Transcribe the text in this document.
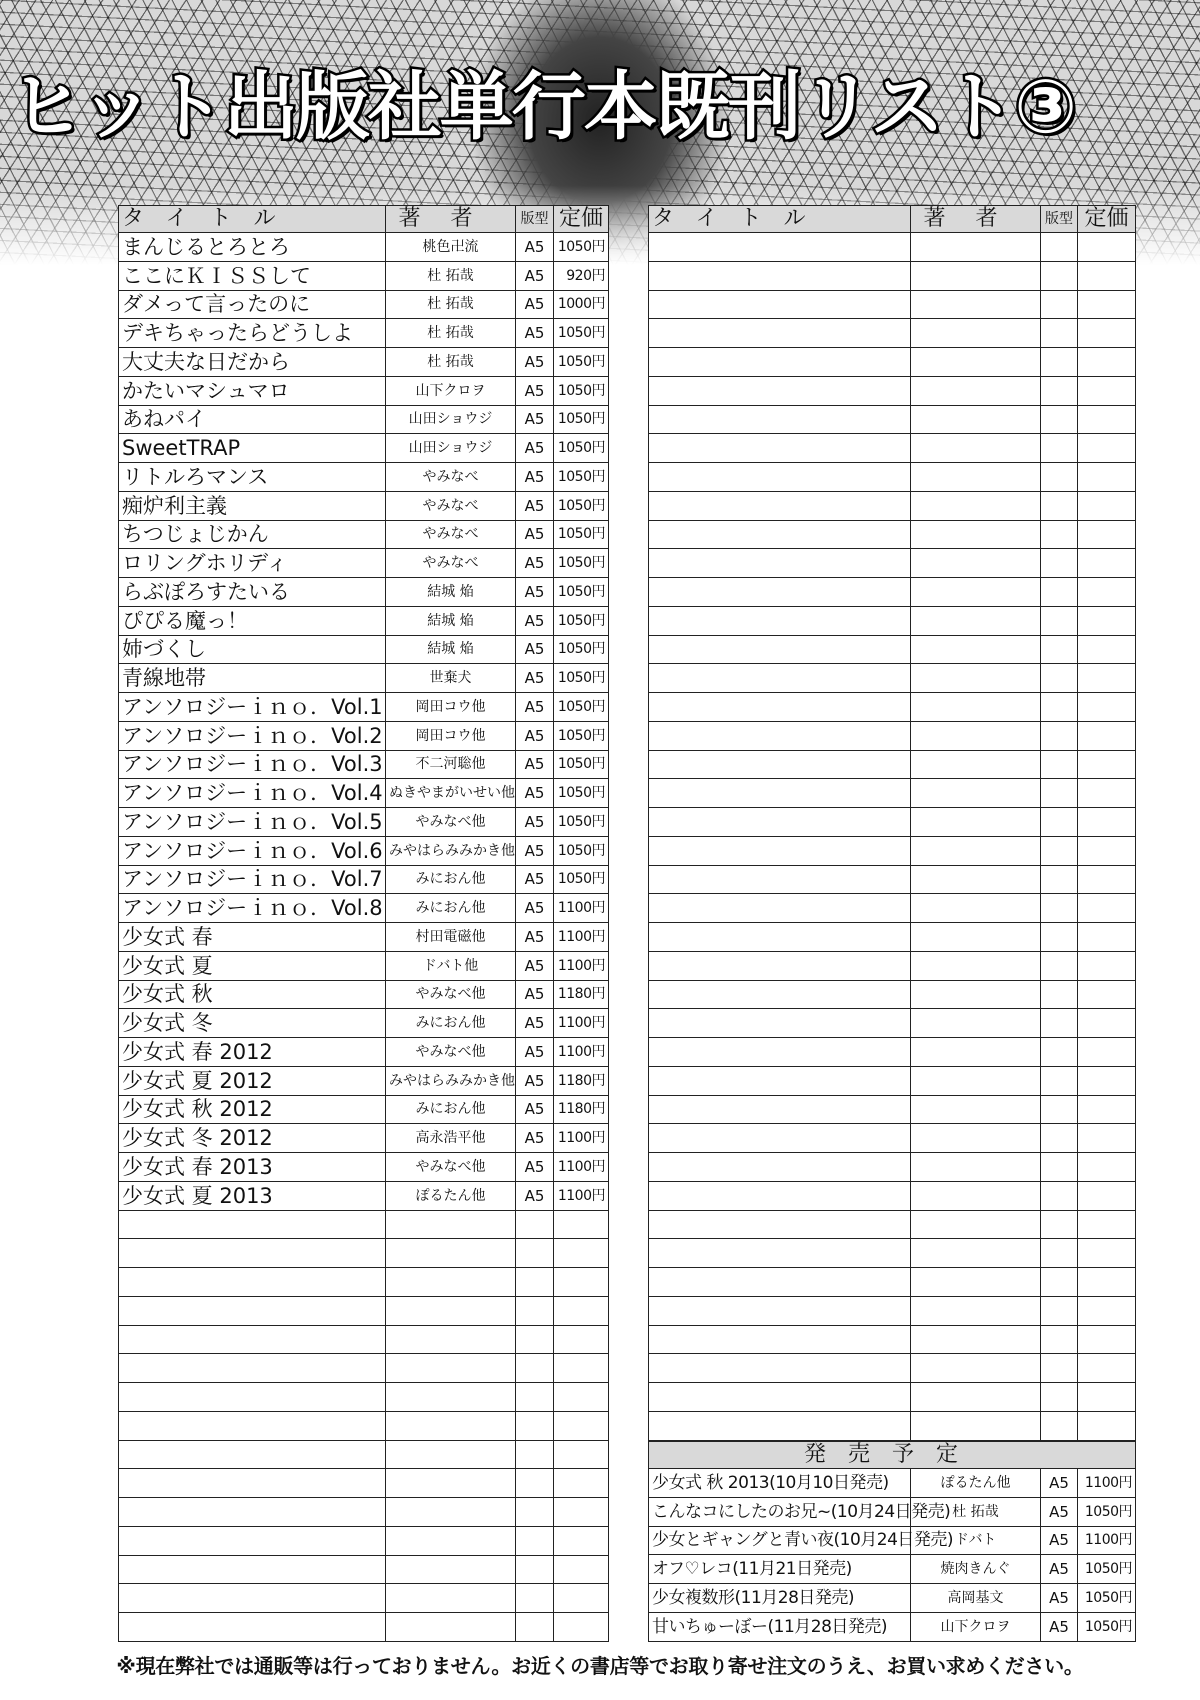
ヒット出版社単行本既刊リスト③
タイトル	著者	版型	定価
まんじるとろとろ	桃色卍流	A5	1050円
ここにＫＩＳＳして	杜 拓哉	A5	920円
ダメって言ったのに	杜 拓哉	A5	1000円
デキちゃったらどうしよ	杜 拓哉	A5	1050円
大丈夫な日だから	杜 拓哉	A5	1050円
かたいマシュマロ	山下クロヲ	A5	1050円
あねパイ	山田ショウジ	A5	1050円
SweetTRAP	山田ショウジ	A5	1050円
リトルろマンス	やみなべ	A5	1050円
痴炉利主義	やみなべ	A5	1050円
ちつじょじかん	やみなべ	A5	1050円
ロリングホリディ	やみなべ	A5	1050円
らぶぽろすたいる	結城 焔	A5	1050円
ぴぴる魔っ！	結城 焔	A5	1050円
姉づくし	結城 焔	A5	1050円
青線地帯	世棄犬	A5	1050円
アンソロジーｉｎｏ．Vol.1	岡田コウ他	A5	1050円
アンソロジーｉｎｏ．Vol.2	岡田コウ他	A5	1050円
アンソロジーｉｎｏ．Vol.3	不二河聡他	A5	1050円
アンソロジーｉｎｏ．Vol.4	ぬきやまがいせい他	A5	1050円
アンソロジーｉｎｏ．Vol.5	やみなべ他	A5	1050円
アンソロジーｉｎｏ．Vol.6	みやはらみみかき他	A5	1050円
アンソロジーｉｎｏ．Vol.7	みにおん他	A5	1050円
アンソロジーｉｎｏ．Vol.8	みにおん他	A5	1100円
少女式 春	村田電磁他	A5	1100円
少女式 夏	ドバト他	A5	1100円
少女式 秋	やみなべ他	A5	1180円
少女式 冬	みにおん他	A5	1100円
少女式 春 2012	やみなべ他	A5	1100円
少女式 夏 2012	みやはらみみかき他	A5	1180円
少女式 秋 2012	みにおん他	A5	1180円
少女式 冬 2012	高永浩平他	A5	1100円
少女式 春 2013	やみなべ他	A5	1100円
少女式 夏 2013	ぽるたん他	A5	1100円

タイトル	著者	版型	定価

発売予定			
少女式 秋 2013(10月10日発売)	ぽるたん他	A5	1100円
こんなコにしたのお兄~(10月24日発売)	杜 拓哉	A5	1050円
少女とギャングと青い夜(10月24日発売)	ドバト	A5	1100円
オフ♡レコ(11月21日発売)	焼肉きんぐ	A5	1050円
少女複数形(11月28日発売)	高岡基文	A5	1050円
甘いちゅーぼー(11月28日発売)	山下クロヲ	A5	1050円
※現在弊社では通販等は行っておりません。お近くの書店等でお取り寄せ注文のうえ、お買い求めください。
